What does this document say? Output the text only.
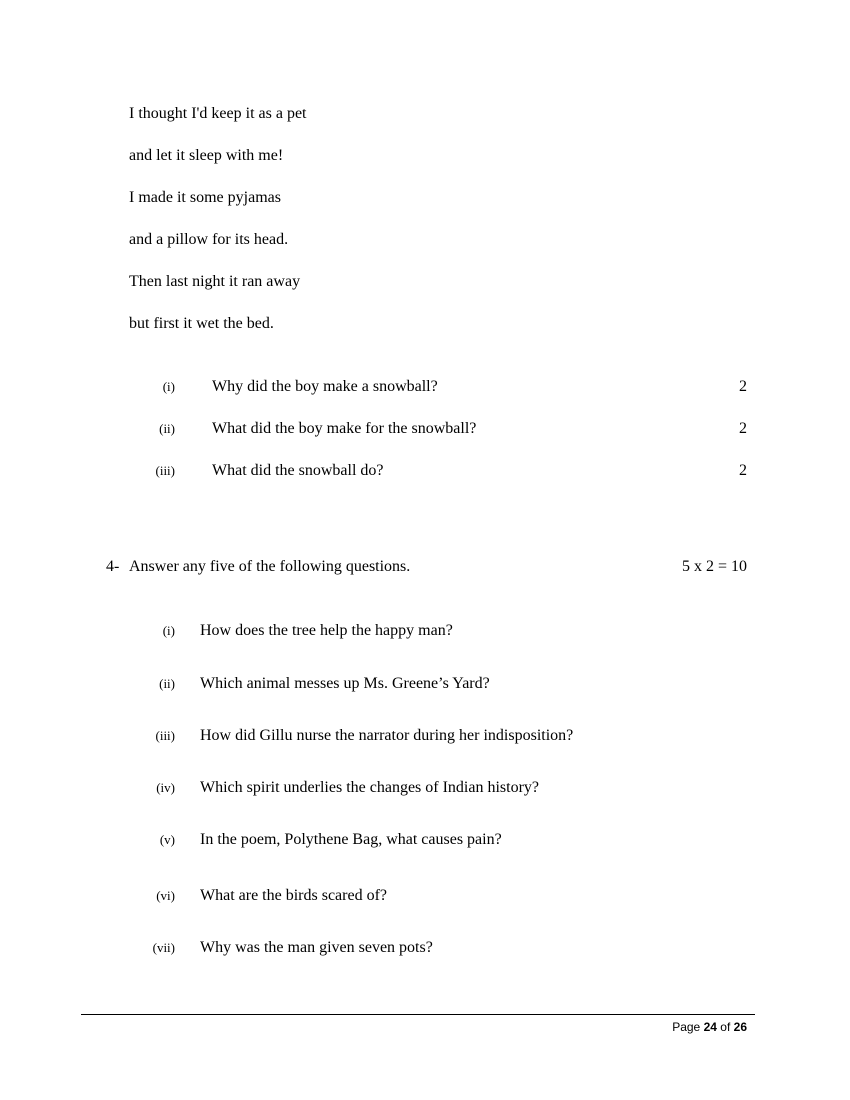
I thought I'd keep it as a pet
and let it sleep with me!
I made it some pyjamas
and a pillow for its head.
Then last night it ran away
but first it wet the bed.
(i) Why did the boy make a snowball?	2
(ii) What did the boy make for the snowball?	2
(iii) What did the snowball do?	2
4- Answer any five of the following questions.	5 x 2 = 10
(i) How does the tree help the happy man?
(ii) Which animal messes up Ms. Greene’s Yard?
(iii) How did Gillu nurse the narrator during her indisposition?
(iv) Which spirit underlies the changes of Indian history?
(v) In the poem, Polythene Bag, what causes pain?
(vi) What are the birds scared of?
(vii) Why was the man given seven pots?
Page 24 of 26
